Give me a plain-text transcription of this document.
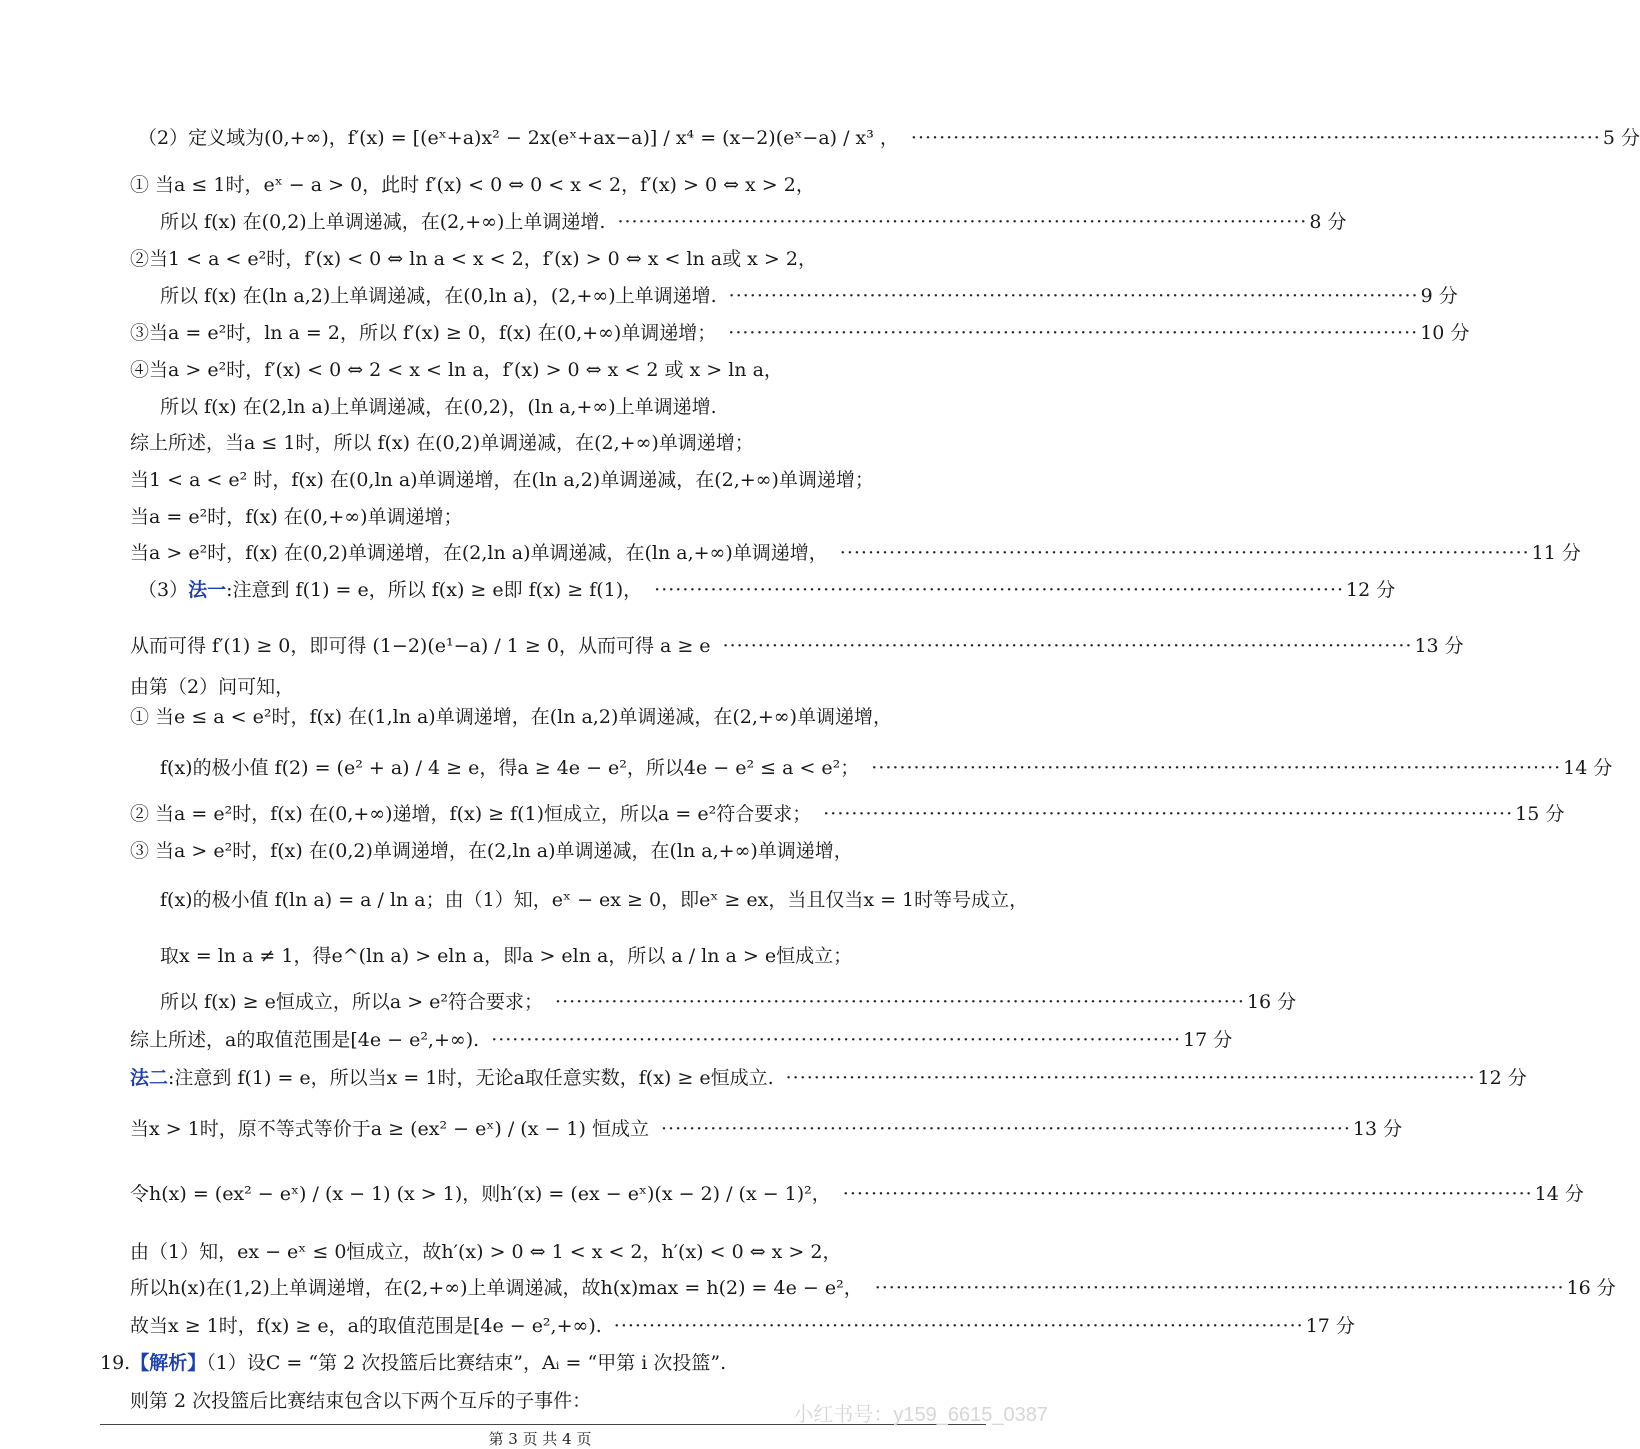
（2）定义域为(0,+∞)，f′(x) = [(eˣ+a)x² − 2x(eˣ+ax−a)] / x⁴ = (x−2)(eˣ−a) / x³ ，	····· 5 分
① 当a ≤ 1时，eˣ − a > 0，此时 f′(x) < 0 ⇔ 0 < x < 2，f′(x) > 0 ⇔ x > 2，
所以 f(x) 在(0,2)上单调递减，在(2,+∞)上单调递增.	····· 8 分
②当1 < a < e²时，f′(x) < 0 ⇔ ln a < x < 2，f′(x) > 0 ⇔ x < ln a或 x > 2，
所以 f(x) 在(ln a,2)上单调递减，在(0,ln a)，(2,+∞)上单调递增.	····· 9 分
③当a = e²时，ln a = 2，所以 f′(x) ≥ 0，f(x) 在(0,+∞)单调递增；	····· 10 分
④当a > e²时，f′(x) < 0 ⇔ 2 < x < ln a，f′(x) > 0 ⇔ x < 2 或 x > ln a，
所以 f(x) 在(2,ln a)上单调递减，在(0,2)，(ln a,+∞)上单调递增.
综上所述，当a ≤ 1时，所以 f(x) 在(0,2)单调递减，在(2,+∞)单调递增；
当1 < a < e² 时，f(x) 在(0,ln a)单调递增，在(ln a,2)单调递减，在(2,+∞)单调递增；
当a = e²时，f(x) 在(0,+∞)单调递增；
当a > e²时，f(x) 在(0,2)单调递增，在(2,ln a)单调递减，在(ln a,+∞)单调递增，	····· 11 分
（3）法一:注意到 f(1) = e，所以 f(x) ≥ e即 f(x) ≥ f(1)，	····· 12 分
从而可得 f′(1) ≥ 0，即可得 (1−2)(e¹−a) / 1 ≥ 0，从而可得 a ≥ e	····· 13 分
由第（2）问可知，
① 当e ≤ a < e²时，f(x) 在(1,ln a)单调递增，在(ln a,2)单调递减，在(2,+∞)单调递增，
f(x)的极小值 f(2) = (e² + a) / 4 ≥ e，得a ≥ 4e − e²，所以4e − e² ≤ a < e²；	····· 14 分
② 当a = e²时，f(x) 在(0,+∞)递增，f(x) ≥ f(1)恒成立，所以a = e²符合要求；	····· 15 分
③ 当a > e²时，f(x) 在(0,2)单调递增，在(2,ln a)单调递减，在(ln a,+∞)单调递增，
f(x)的极小值 f(ln a) = a / ln a；由（1）知，eˣ − ex ≥ 0，即eˣ ≥ ex，当且仅当x = 1时等号成立，
取x = ln a ≠ 1，得e^(ln a) > eln a，即a > eln a，所以 a / ln a > e恒成立；
所以 f(x) ≥ e恒成立，所以a > e²符合要求；	····· 16 分
综上所述，a的取值范围是[4e − e²,+∞).	····· 17 分
法二:注意到 f(1) = e，所以当x = 1时，无论a取任意实数，f(x) ≥ e恒成立.	····· 12 分
当x > 1时，原不等式等价于a ≥ (ex² − eˣ) / (x − 1) 恒成立	····· 13 分
令h(x) = (ex² − eˣ) / (x − 1) (x > 1)，则h′(x) = (ex − eˣ)(x − 2) / (x − 1)²，	····· 14 分
由（1）知，ex − eˣ ≤ 0恒成立，故h′(x) > 0 ⇔ 1 < x < 2，h′(x) < 0 ⇔ x > 2，
所以h(x)在(1,2)上单调递增，在(2,+∞)上单调递减，故h(x)max = h(2) = 4e − e²，	····· 16 分
故当x ≥ 1时，f(x) ≥ e，a的取值范围是[4e − e²,+∞).	····· 17 分
19.【解析】（1）设C = “第 2 次投篮后比赛结束”，Aᵢ = “甲第 i 次投篮”.
则第 2 次投篮后比赛结束包含以下两个互斥的子事件：
第 3 页 共 4 页
小红书号：y159_6615_0387
